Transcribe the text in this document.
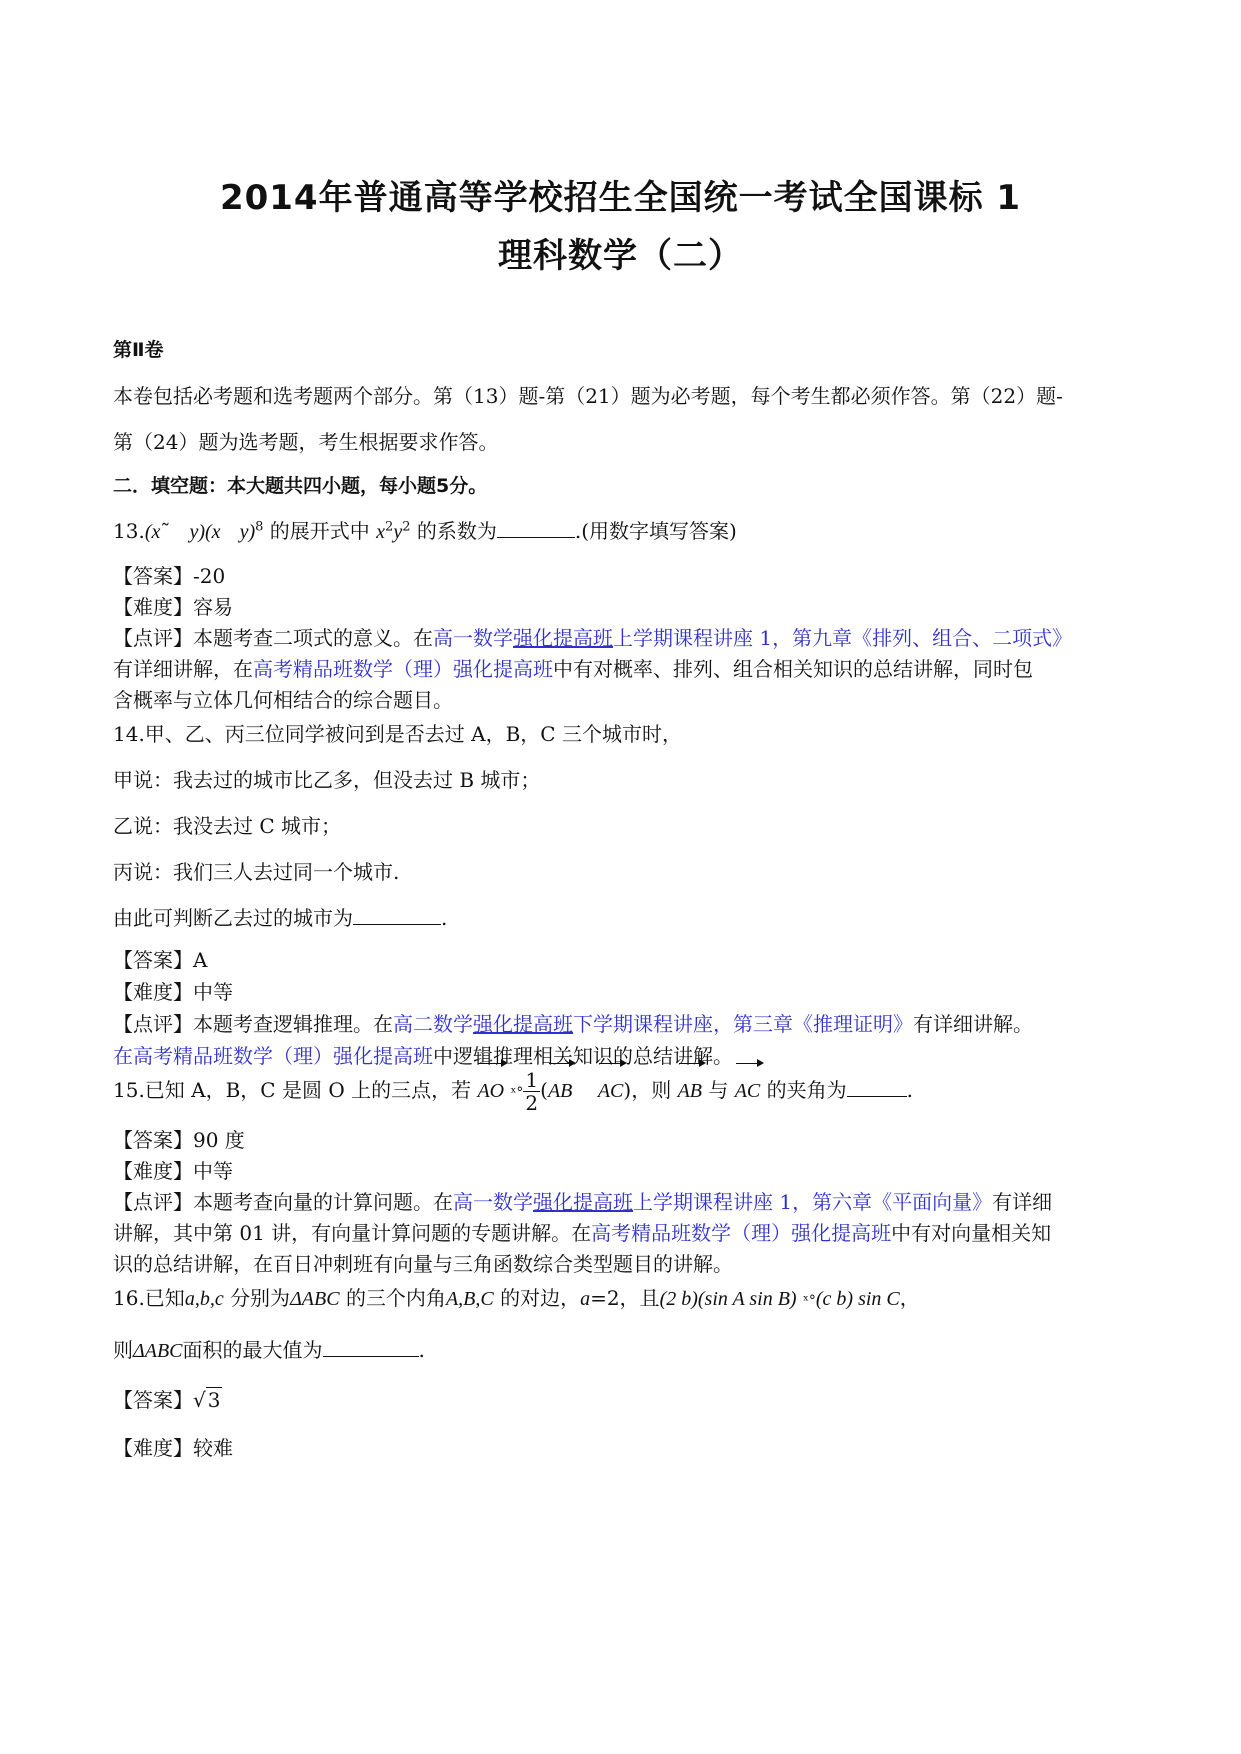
2014年普通高等学校招生全国统一考试全国课标 1
理科数学（二）
第Ⅱ卷
本卷包括必考题和选考题两个部分。第（13）题-第（21）题为必考题，每个考生都必须作答。第（22）题-
第（24）题为选考题，考生根据要求作答。
二．填空题：本大题共四小题，每小题5分。
13.(x˜ y)(x y)$^8$ 的展开式中 $x^2y^2$ 的系数为	.(用数字填写答案)
【答案】-20
【难度】容易
【点评】本题考查二项式的意义。在高一数学强化提高班上学期课程讲座 1，第九章《排列、组合、二项式》
有详细讲解，在高考精品班数学（理）强化提高班中有对概率、排列、组合相关知识的总结讲解，同时包
含概率与立体几何相结合的综合题目。
14.甲、乙、丙三位同学被问到是否去过 A，B，C 三个城市时，
甲说：我去过的城市比乙多，但没去过 B 城市；
乙说：我没去过 C 城市；
丙说：我们三人去过同一个城市.
由此可判断乙去过的城市为	.
【答案】A
【难度】中等
【点评】本题考查逻辑推理。在高二数学强化提高班下学期课程讲座，第三章《推理证明》有详细讲解。
在高考精品班数学（理）强化提高班中逻辑推理相关知识的总结讲解。
15.已知 A，B，C 是圆 O 上的三点，若 AO ˣ° $\frac{1}{2} (AB$ AC)，则 AB 与 AC 的夹角为	.
【答案】90 度
【难度】中等
【点评】本题考查向量的计算问题。在高一数学强化提高班上学期课程讲座 1，第六章《平面向量》有详细
讲解，其中第 01 讲，有向量计算问题的专题讲解。在高考精品班数学（理）强化提高班中有对向量相关知
识的总结讲解，在百日冲刺班有向量与三角函数综合类型题目的讲解。
16.已知a,b,c 分别为ΔABC 的三个内角A,B,C 的对边，a=2，且(2 b)(sin A sin B) ˣ°(c b) sin C，
则ΔABC面积的最大值为	.
【答案】√ 3
【难度】较难
